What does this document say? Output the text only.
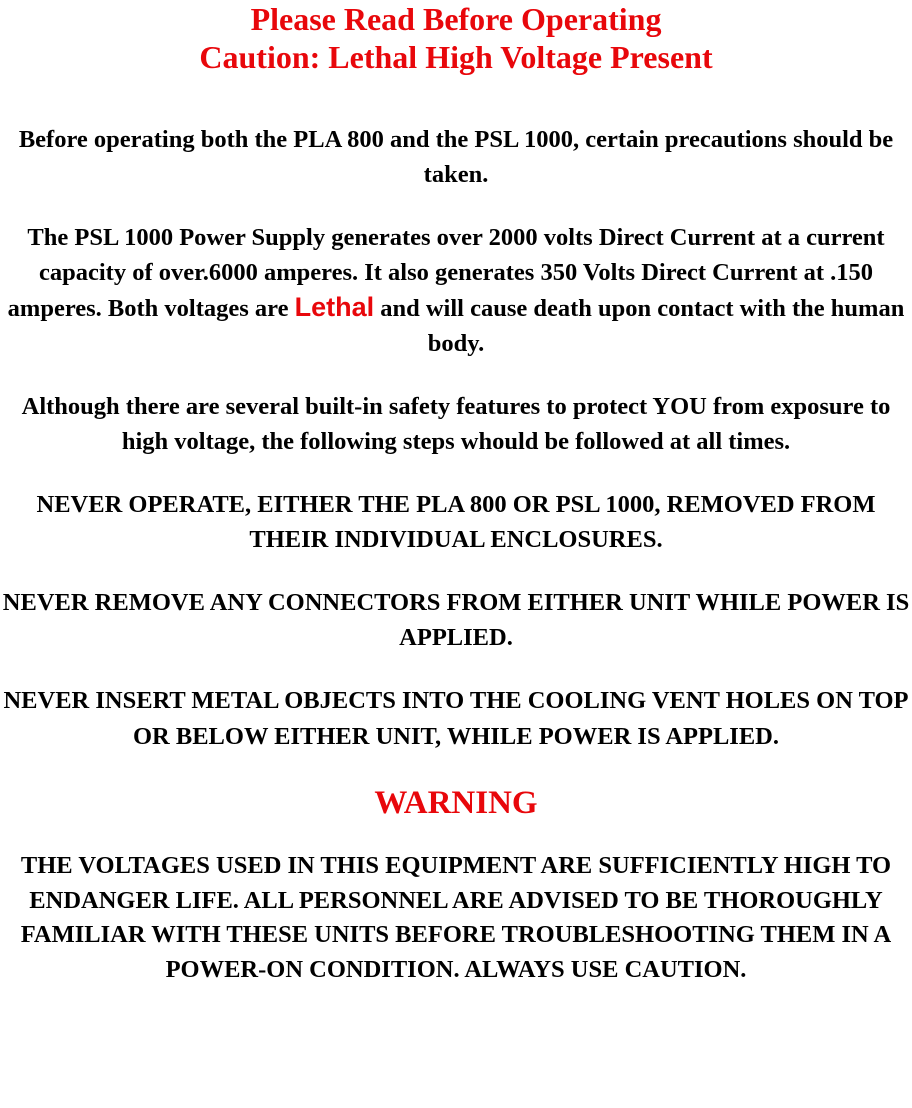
Please Read Before Operating
Caution: Lethal High Voltage Present

Before operating both the PLA 800 and the PSL 1000, certain precautions should be taken.

The PSL 1000 Power Supply generates over 2000 volts Direct Current at a current capacity of over.6000 amperes. It also generates 350 Volts Direct Current at .150 amperes. Both voltages are Lethal and will cause death upon contact with the human body.

Although there are several built-in safety features to protect YOU from exposure to high voltage, the following steps whould be followed at all times.

NEVER OPERATE, EITHER THE PLA 800 OR PSL 1000, REMOVED FROM THEIR INDIVIDUAL ENCLOSURES.

NEVER REMOVE ANY CONNECTORS FROM EITHER UNIT WHILE POWER IS APPLIED.

NEVER INSERT METAL OBJECTS INTO THE COOLING VENT HOLES ON TOP OR BELOW EITHER UNIT, WHILE POWER IS APPLIED.

WARNING

THE VOLTAGES USED IN THIS EQUIPMENT ARE SUFFICIENTLY HIGH TO ENDANGER LIFE. ALL PERSONNEL ARE ADVISED TO BE THOROUGHLY FAMILIAR WITH THESE UNITS BEFORE TROUBLESHOOTING THEM IN A POWER-ON CONDITION. ALWAYS USE CAUTION.
